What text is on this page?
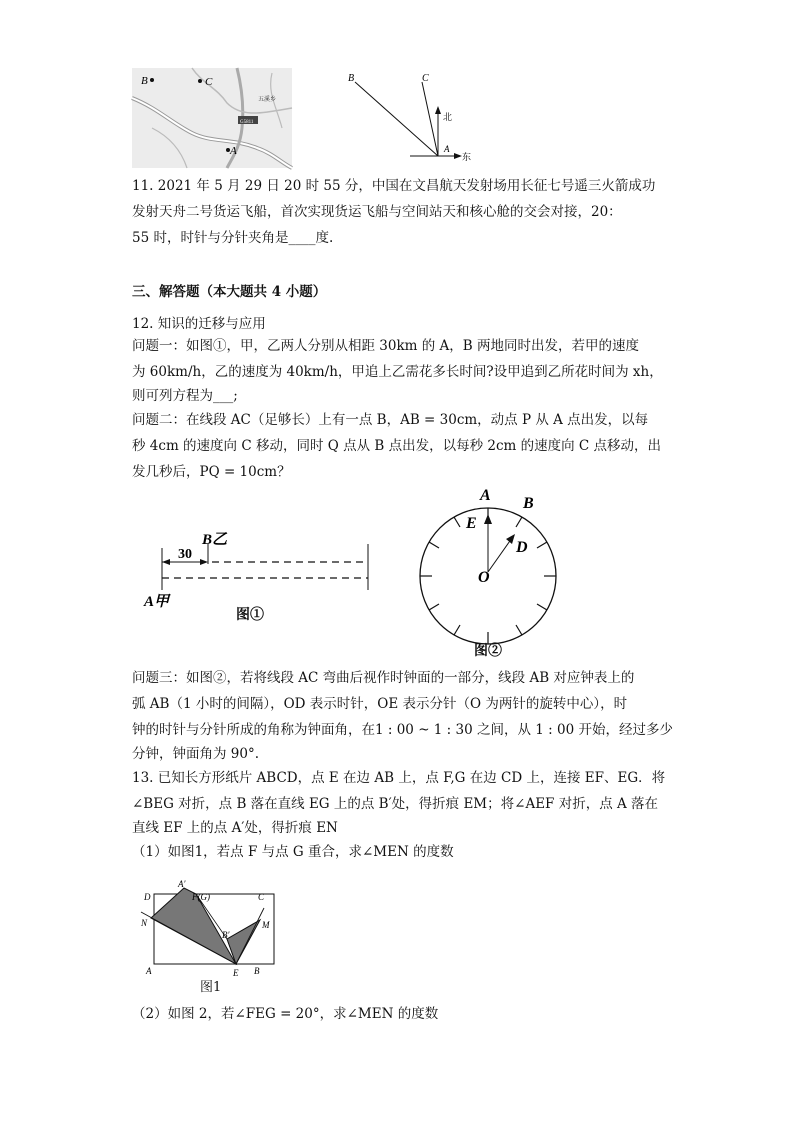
G5811
五溪乡
B	C
A
B	C
A
北
东
11. 2021 年 5 月 29 日 20 时 55 分，中国在文昌航天发射场用长征七号遥三火箭成功
发射天舟二号货运飞船，首次实现货运飞船与空间站天和核心舱的交会对接，20：
55 时，时针与分针夹角是____度.
三、解答题（本大题共 4 小题）
12. 知识的迁移与应用
问题一：如图①，甲，乙两人分别从相距 30km 的 A，B 两地同时出发，若甲的速度
为 60km/h，乙的速度为 40km/h，甲追上乙需花多长时间?设甲追到乙所花时间为 xh，
则可列方程为___;
问题二：在线段 AC（足够长）上有一点 B，AB = 30cm，动点 P 从 A 点出发，以每
秒 4cm 的速度向 C 移动，同时 Q 点从 B 点出发，以每秒 2cm 的速度向 C 点移动，出
发几秒后，PQ = 10cm？
30
B乙
A甲
图①
A B
E
D
O
图②
问题三：如图②，若将线段 AC 弯曲后视作时钟面的一部分，线段 AB 对应钟表上的
弧 AB（1 小时的间隔），OD 表示时针，OE 表示分针（O 为两针的旋转中心），时
钟的时针与分针所成的角称为钟面角，在1 : 00 ~ 1 : 30 之间，从 1 : 00 开始，经过多少
分钟，钟面角为 90°.
13. 已知长方形纸片 ABCD，点 E 在边 AB 上，点 F,G 在边 CD 上，连接 EF、EG．将
∠BEG 对折，点 B 落在直线 EG 上的点 B′处，得折痕 EM；将∠AEF 对折，点 A 落在
直线 EF 上的点 A′处，得折痕 EN
（1）如图1，若点 F 与点 G 重合，求∠MEN 的度数
D
A′
F(G)	C
N	M
B′
A	E B
图1
（2）如图 2，若∠FEG = 20°，求∠MEN 的度数
